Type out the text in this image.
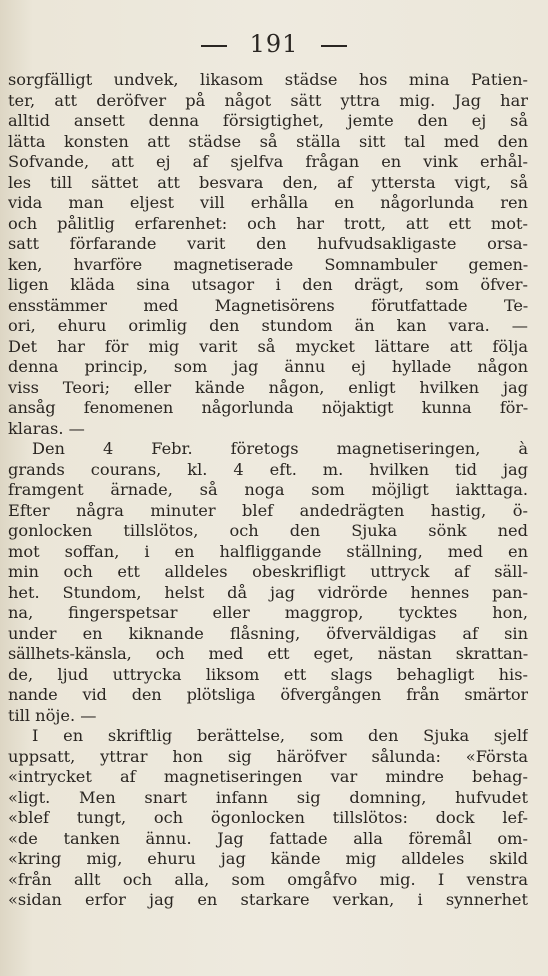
191
sorgfälligt undvek, likasom städse hos mina Patien-
ter, att deröfver på något sätt yttra mig. Jag har
alltid ansett denna försigtighet, jemte den ej så
lätta konsten att städse så ställa sitt tal med den
Sofvande, att ej af sjelfva frågan en vink erhål-
les till sättet att besvara den, af yttersta vigt, så
vida man eljest vill erhålla en någorlunda ren
och pålitlig erfarenhet: och har trott, att ett mot-
satt förfarande varit den hufvudsakligaste orsa-
ken, hvarföre magnetiserade Somnambuler gemen-
ligen kläda sina utsagor i den drägt, som öfver-
ensstämmer med Magnetisörens förutfattade Te-
ori, ehuru orimlig den stundom än kan vara. —
Det har för mig varit så mycket lättare att följa
denna princip, som jag ännu ej hyllade någon
viss Teori; eller kände någon, enligt hvilken jag
ansåg fenomenen någorlunda nöjaktigt kunna för-
klaras. —
Den 4 Febr. företogs magnetiseringen, à
grands courans, kl. 4 eft. m. hvilken tid jag
framgent ärnade, så noga som möjligt iakttaga.
Efter några minuter blef andedrägten hastig, ö-
gonlocken tillslötos, och den Sjuka sönk ned
mot soffan, i en halfliggande ställning, med en
min och ett alldeles obeskrifligt uttryck af säll-
het. Stundom, helst då jag vidrörde hennes pan-
na, fingerspetsar eller maggrop, tycktes hon,
under en kiknande flåsning, öfverväldigas af sin
sällhets-känsla, och med ett eget, nästan skrattan-
de, ljud uttrycka liksom ett slags behagligt his-
nande vid den plötsliga öfvergången från smärtor
till nöje. —
I en skriftlig berättelse, som den Sjuka sjelf
uppsatt, yttrar hon sig häröfver sålunda: «Första
«intrycket af magnetiseringen var mindre behag-
«ligt. Men snart infann sig domning, hufvudet
«blef tungt, och ögonlocken tillslötos: dock lef-
«de tanken ännu. Jag fattade alla föremål om-
«kring mig, ehuru jag kände mig alldeles skild
«från allt och alla, som omgåfvo mig. I venstra
«sidan erfor jag en starkare verkan, i synnerhet
